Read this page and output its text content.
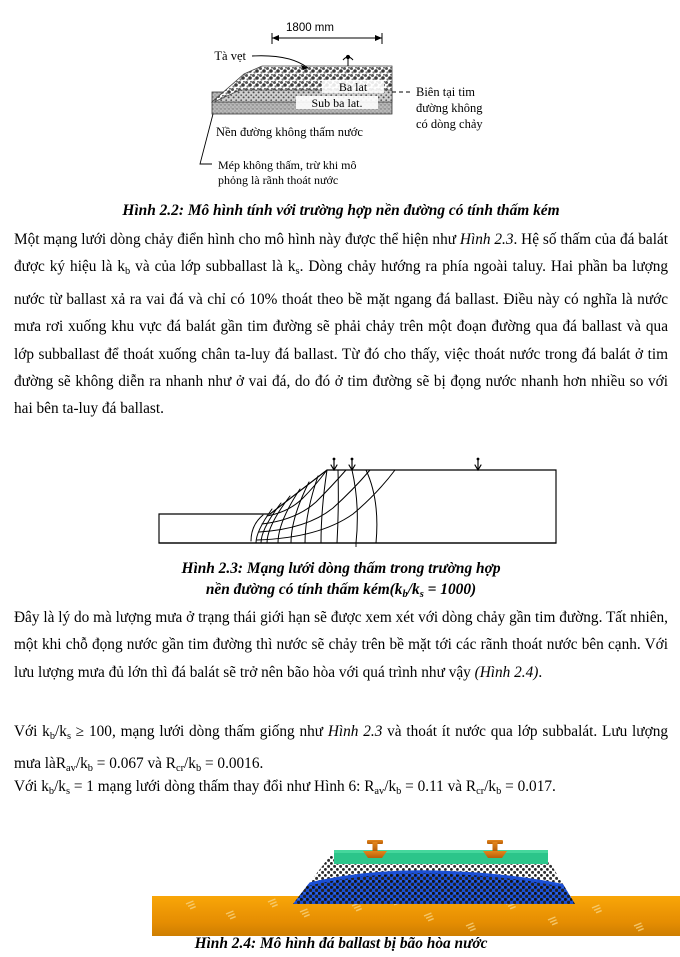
1800 mm
Tà vẹt
Ba lat
Sub ba lat.
Biên tại tim
đường không
có dòng chảy
Nền đường không thấm nước
Mép không thấm, trừ khi mô
phỏng là rãnh thoát nước
Hình 2.2: Mô hình tính với trường hợp nền đường có tính thấm kém

Một mạng lưới dòng chảy điển hình cho mô hình này được thể hiện như Hình 2.3. Hệ số thấm của đá balát được ký hiệu là $k_b$ và của lớp subballast là $k_s$. Dòng chảy hướng ra phía ngoài taluy. Hai phần ba lượng nước từ ballast xả ra vai đá và chỉ có 10% thoát theo bề mặt ngang đá ballast. Điều này có nghĩa là nước mưa rơi xuống khu vực đá balát gần tim đường sẽ phải chảy trên một đoạn đường qua đá ballast và qua lớp subballast để thoát xuống chân ta-luy đá ballast. Từ đó cho thấy, việc thoát nước trong đá balát ở tim đường sẽ không diễn ra nhanh như ở vai đá, do đó ở tim đường sẽ bị đọng nước nhanh hơn nhiều so với hai bên ta-luy đá ballast.

Hình 2.3: Mạng lưới dòng thấm trong trường hợp
nền đường có tính thấm $kém(k_b/k_s = 1000)$

Đây là lý do mà lượng mưa ở trạng thái giới hạn sẽ được xem xét với dòng chảy gần tim đường. Tất nhiên, một khi chỗ đọng nước gần tim đường thì nước sẽ chảy trên bề mặt tới các rãnh thoát nước bên cạnh. Với lưu lượng mưa đủ lớn thì đá balát sẽ trở nên bão hòa với quá trình như vậy (Hình 2.4).

Với $k_b/k_s \ge 100$, mạng lưới dòng thấm giống như Hình 2.3 và thoát ít nước qua lớp subbalát. Lưu lượng mưa $làR_{av}/k_b = 0.067$ và $R_{cr}/k_b = 0.0016$.

Với $k_b/k_s = 1$ mạng lưới dòng thấm thay đổi như Hình 6: $R_{av}/k_b = 0.11$ và $R_{cr}/k_b = 0.017$.

Hình 2.4: Mô hình đá ballast bị bão hòa nước
